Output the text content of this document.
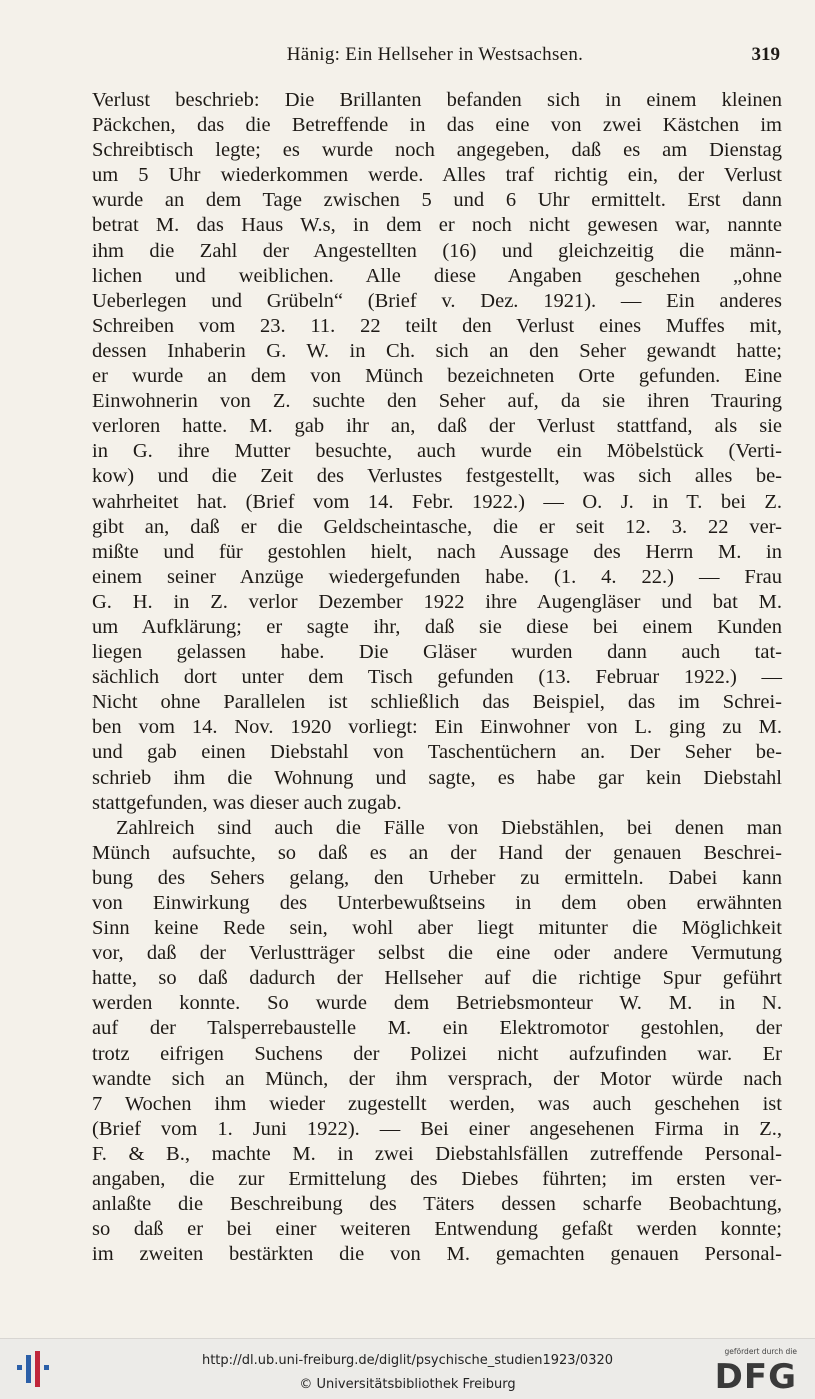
Hänig: Ein Hellseher in Westsachsen.	319
Verlust beschrieb: Die Brillanten befanden sich in einem kleinen
Päckchen, das die Betreffende in das eine von zwei Kästchen im
Schreibtisch legte; es wurde noch angegeben, daß es am Dienstag
um 5 Uhr wiederkommen werde. Alles traf richtig ein, der Verlust
wurde an dem Tage zwischen 5 und 6 Uhr ermittelt. Erst dann
betrat M. das Haus W.s, in dem er noch nicht gewesen war, nannte
ihm die Zahl der Angestellten (16) und gleichzeitig die männ-
lichen und weiblichen. Alle diese Angaben geschehen „ohne
Ueberlegen und Grübeln“ (Brief v. Dez. 1921). — Ein anderes
Schreiben vom 23. 11. 22 teilt den Verlust eines Muffes mit,
dessen Inhaberin G. W. in Ch. sich an den Seher gewandt hatte;
er wurde an dem von Münch bezeichneten Orte gefunden. Eine
Einwohnerin von Z. suchte den Seher auf, da sie ihren Trauring
verloren hatte. M. gab ihr an, daß der Verlust stattfand, als sie
in G. ihre Mutter besuchte, auch wurde ein Möbelstück (Verti-
kow) und die Zeit des Verlustes festgestellt, was sich alles be-
wahrheitet hat. (Brief vom 14. Febr. 1922.) — O. J. in T. bei Z.
gibt an, daß er die Geldscheintasche, die er seit 12. 3. 22 ver-
mißte und für gestohlen hielt, nach Aussage des Herrn M. in
einem seiner Anzüge wiedergefunden habe. (1. 4. 22.) — Frau
G. H. in Z. verlor Dezember 1922 ihre Augengläser und bat M.
um Aufklärung; er sagte ihr, daß sie diese bei einem Kunden
liegen gelassen habe. Die Gläser wurden dann auch tat-
sächlich dort unter dem Tisch gefunden (13. Februar 1922.) —
Nicht ohne Parallelen ist schließlich das Beispiel, das im Schrei-
ben vom 14. Nov. 1920 vorliegt: Ein Einwohner von L. ging zu M.
und gab einen Diebstahl von Taschentüchern an. Der Seher be-
schrieb ihm die Wohnung und sagte, es habe gar kein Diebstahl
stattgefunden, was dieser auch zugab.
Zahlreich sind auch die Fälle von Diebstählen, bei denen man
Münch aufsuchte, so daß es an der Hand der genauen Beschrei-
bung des Sehers gelang, den Urheber zu ermitteln. Dabei kann
von Einwirkung des Unterbewußtseins in dem oben erwähnten
Sinn keine Rede sein, wohl aber liegt mitunter die Möglichkeit
vor, daß der Verlustträger selbst die eine oder andere Vermutung
hatte, so daß dadurch der Hellseher auf die richtige Spur geführt
werden konnte. So wurde dem Betriebsmonteur W. M. in N.
auf der Talsperrebaustelle M. ein Elektromotor gestohlen, der
trotz eifrigen Suchens der Polizei nicht aufzufinden war. Er
wandte sich an Münch, der ihm versprach, der Motor würde nach
7 Wochen ihm wieder zugestellt werden, was auch geschehen ist
(Brief vom 1. Juni 1922). — Bei einer angesehenen Firma in Z.,
F. & B., machte M. in zwei Diebstahlsfällen zutreffende Personal-
angaben, die zur Ermittelung des Diebes führten; im ersten ver-
anlaßte die Beschreibung des Täters dessen scharfe Beobachtung,
so daß er bei einer weiteren Entwendung gefaßt werden konnte;
im zweiten bestärkten die von M. gemachten genauen Personal-
http://dl.ub.uni-freiburg.de/diglit/psychische_studien1923/0320
© Universitätsbibliothek Freiburg
gefördert durch die
DFG
